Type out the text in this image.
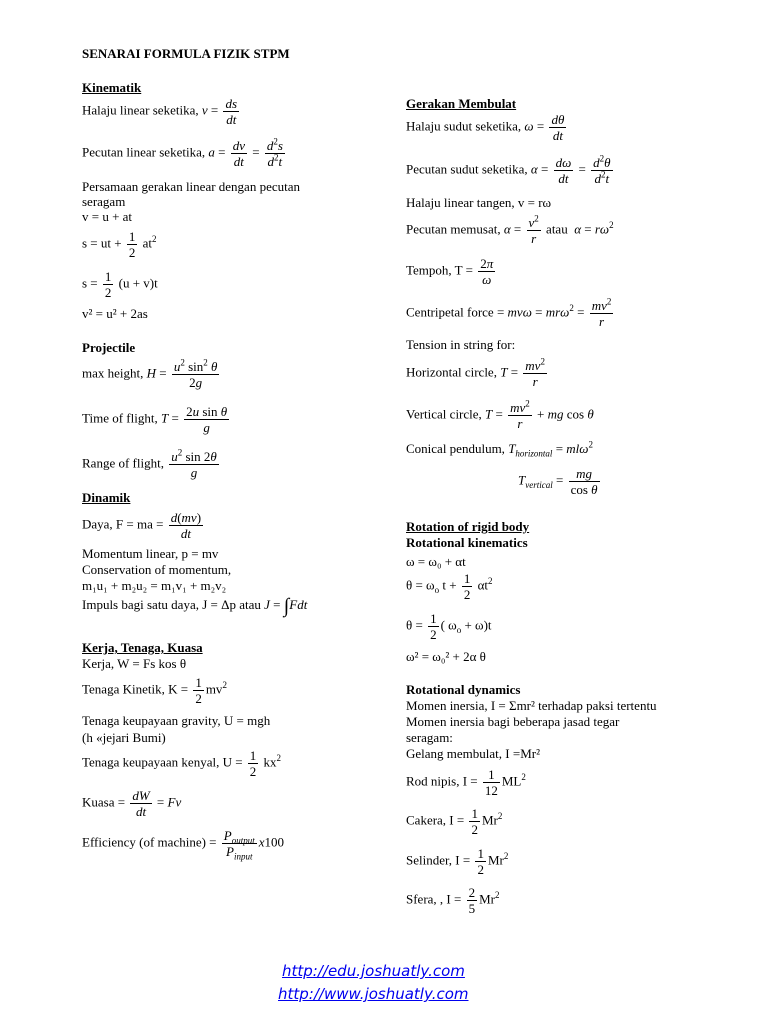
SENARAI FORMULA FIZIK STPM
Kinematik
Halaju linear seketika, $v = \frac{ds}{dt}$
Pecutan linear seketika, $a = \frac{dv}{dt} = \frac{d^2s}{d^2t}$
Persamaan gerakan linear dengan pecutan
seragam
v = u + at
s = ut + $\frac{1}{2} at^2$
$s = \frac{1}{2} (u + v)t$
v² = u² + 2as
Projectile
max height, $H = \frac{u^2 \sin^2 \theta}{2g}$
Time of flight, $T = \frac{\text{2u sin θ}}{g}$
Range of flight, $\frac{u^2 \sin 2\theta}{g}$
Dinamik
Daya, F = ma = $\frac{d(mv)}{dt}$
Momentum linear, p = mv
Conservation of momentum,
m₁u₁ + m₂u₂ = m₁v₁ + m₂v₂
Impuls bagi satu daya, J = Δp atau J = ∫Fdt
Kerja, Tenaga, Kuasa
Kerja, W = Fs kos θ
Tenaga Kinetik, $K = \frac{1}{2} mv^2$
Tenaga keupayaan gravity, U = mgh
(h «jejari Bumi)
Tenaga keupayaan kenyal, $U = \frac{1}{2} kx^2$
Kuasa = $\frac{dW}{dt} = Fv$
Efficiency (of machine) = $\frac{P_{output}}{P_{input}} x100$
Gerakan Membulat
Halaju sudut seketika, $\omega = \frac{d\theta}{dt}$
Pecutan sudut seketika, $\alpha = \frac{d\omega}{dt} = \frac{d^2\theta}{d^2t}$
Halaju linear tangen, v = rω
Pecutan memusat, $\alpha = \frac{v^2}{r}$ atau  $\alpha = r\omega^2$
Tempoh, $T = \frac{2\pi}{\omega}$
Centripetal force = $mv\omega = mr\omega^2 = \frac{mv^2}{r}$
Tension in string for:
Horizontal circle, $T = \frac{mv^2}{r}$
Vertical circle, $T = \frac{mv^2}{r}$ + mg cos θ
Conical pendulum, $T_{horizontal} = ml\omega^2$
$T_{vertical} = \frac{mg}{\text{cos θ}}$
Rotation of rigid body
Rotational kinematics
ω = ω₀ + αt
$\theta = \omega_o$ $t + \frac{1}{2} \alpha t^2$
$\theta = \frac{1}{2}$ ( $\omega_o + \omega)t$
ω² = ω₀² + 2α θ
Rotational dynamics
Momen inersia, I = Σmr² terhadap paksi tertentu
Momen inersia bagi beberapa jasad tegar
seragam:
Gelang membulat, I =Mr²
Rod nipis, $I = \frac{1}{12} ML^2$
Cakera, $I = \frac{1}{2} Mr^2$
Selinder, $I = \frac{1}{2} Mr^2$
Sfera, , $I = \frac{2}{5} Mr^2$
http://edu.joshuatly.com
http://www.joshuatly.com
